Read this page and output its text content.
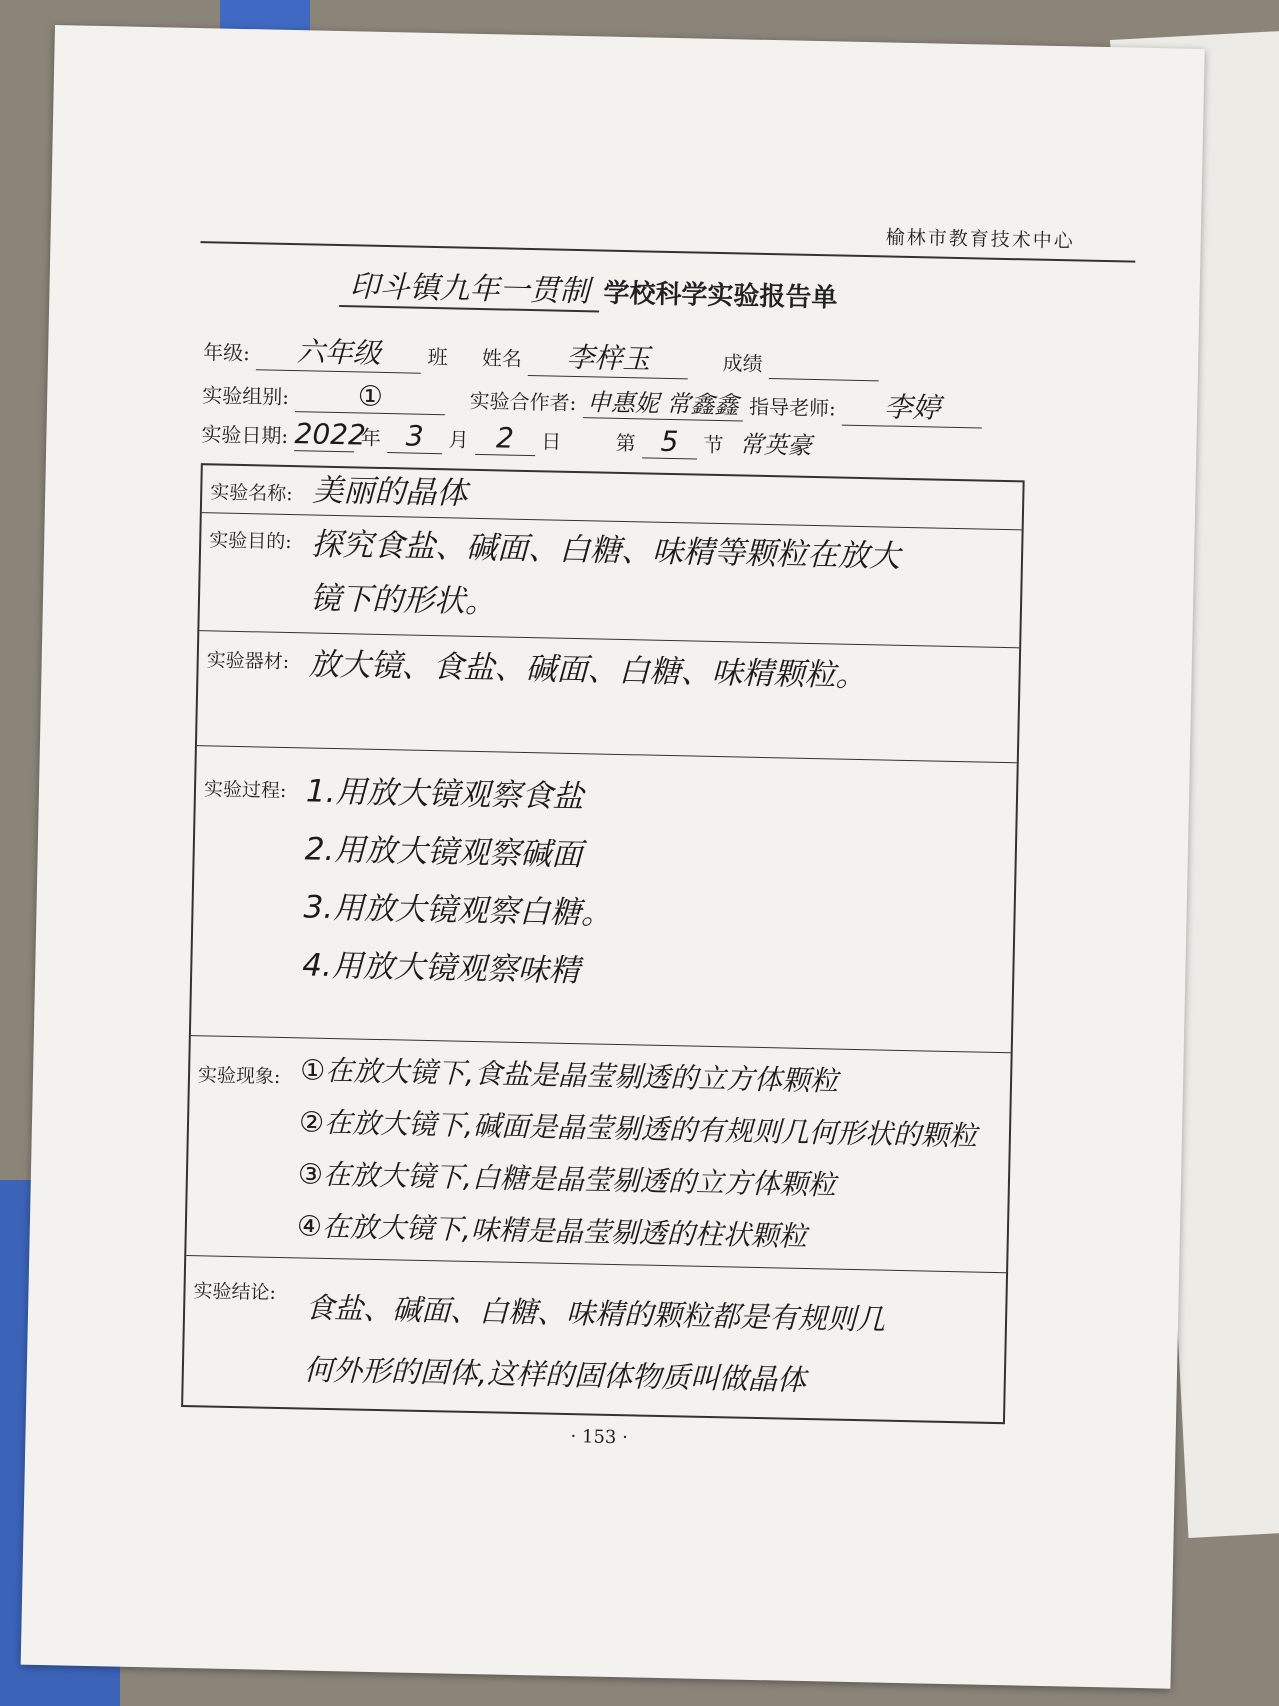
榆林市教育技术中心
印斗镇九年一贯制 学校科学实验报告单
年级: 六年级 班 姓名 李梓玉	成绩
实验组别: ①	实验合作者: 申惠妮 常鑫鑫 指导老师: 李婷
实验日期: 2022 年 3 月 2 日	第 5 节 常英豪
实验名称: 美丽的晶体
实验目的: 探究食盐、碱面、白糖、味精等颗粒在放大
镜下的形状。
实验器材: 放大镜、食盐、碱面、白糖、味精颗粒。
实验过程: 1.用放大镜观察食盐
2.用放大镜观察碱面
3.用放大镜观察白糖。
4.用放大镜观察味精
实验现象: ①在放大镜下,食盐是晶莹剔透的立方体颗粒
②在放大镜下,碱面是晶莹剔透的有规则几何形状的颗粒
③在放大镜下,白糖是晶莹剔透的立方体颗粒
④在放大镜下,味精是晶莹剔透的柱状颗粒
实验结论: 食盐、碱面、白糖、味精的颗粒都是有规则几
何外形的固体,这样的固体物质叫做晶体
· 153 ·
